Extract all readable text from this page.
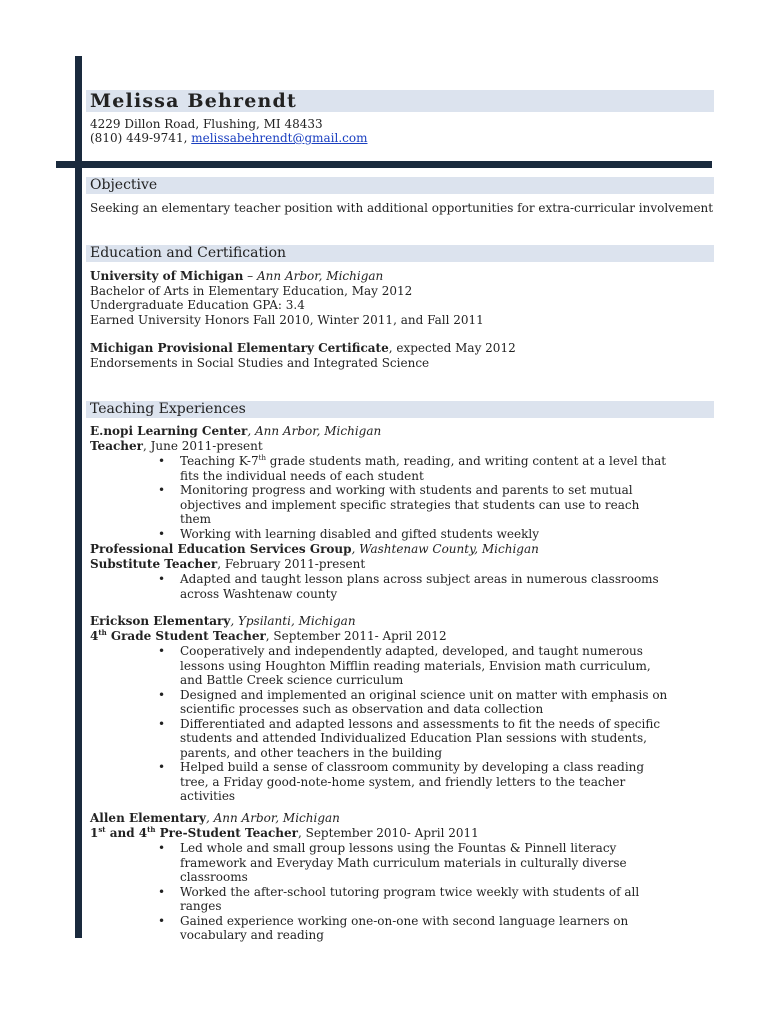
Melissa Behrendt
4229 Dillon Road, Flushing, MI 48433
(810) 449-9741, melissabehrendt@gmail.com
Objective
Seeking an elementary teacher position with additional opportunities for extra-curricular involvement
Education and Certification
University of Michigan – Ann Arbor, Michigan
Bachelor of Arts in Elementary Education, May 2012
Undergraduate Education GPA: 3.4
Earned University Honors Fall 2010, Winter 2011, and Fall 2011
Michigan Provisional Elementary Certificate, expected May 2012
Endorsements in Social Studies and Integrated Science
Teaching Experiences
E.nopi Learning Center, Ann Arbor, Michigan
Teacher, June 2011-present
• Teaching K-7th grade students math, reading, and writing content at a level that fits the individual needs of each student
• Monitoring progress and working with students and parents to set mutual objectives and implement specific strategies that students can use to reach them
• Working with learning disabled and gifted students weekly
Professional Education Services Group, Washtenaw County, Michigan
Substitute Teacher, February 2011-present
• Adapted and taught lesson plans across subject areas in numerous classrooms across Washtenaw county
Erickson Elementary, Ypsilanti, Michigan
4th Grade Student Teacher, September 2011- April 2012
• Cooperatively and independently adapted, developed, and taught numerous lessons using Houghton Mifflin reading materials, Envision math curriculum, and Battle Creek science curriculum
• Designed and implemented an original science unit on matter with emphasis on scientific processes such as observation and data collection
• Differentiated and adapted lessons and assessments to fit the needs of specific students and attended Individualized Education Plan sessions with students, parents, and other teachers in the building
• Helped build a sense of classroom community by developing a class reading tree, a Friday good-note-home system, and friendly letters to the teacher activities
Allen Elementary, Ann Arbor, Michigan
1st and 4th Pre-Student Teacher, September 2010- April 2011
• Led whole and small group lessons using the Fountas & Pinnell literacy framework and Everyday Math curriculum materials in culturally diverse classrooms
• Worked the after-school tutoring program twice weekly with students of all ranges
• Gained experience working one-on-one with second language learners on vocabulary and reading
